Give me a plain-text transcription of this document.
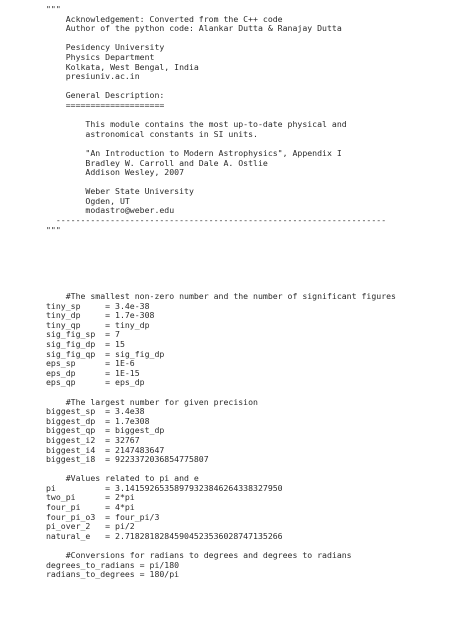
"""
Acknowledgement: Converted from the C++ code
Author of the python code: Alankar Dutta & Ranajay Dutta
Pesidency University
Physics Department
Kolkata, West Bengal, India
presiuniv.ac.in
General Description:
====================
This module contains the most up-to-date physical and
astronomical constants in SI units.
"An Introduction to Modern Astrophysics", Appendix I
Bradley W. Carroll and Dale A. Ostlie
Addison Wesley, 2007
Weber State University
Ogden, UT
modastro@weber.edu
-------------------------------------------------------------------
"""
#The smallest non-zero number and the number of significant figures
tiny_sp     = 3.4e-38
tiny_dp     = 1.7e-308
tiny_qp     = tiny_dp
sig_fig_sp  = 7
sig_fig_dp  = 15
sig_fig_qp  = sig_fig_dp
eps_sp      = 1E-6
eps_dp      = 1E-15
eps_qp      = eps_dp
#The largest number for given precision
biggest_sp  = 3.4e38
biggest_dp  = 1.7e308
biggest_qp  = biggest_dp
biggest_i2  = 32767
biggest_i4  = 2147483647
biggest_i8  = 9223372036854775807
#Values related to pi and e
pi          = 3.14159265358979323846264338327950
two_pi      = 2*pi
four_pi     = 4*pi
four_pi_o3  = four_pi/3
pi_over_2   = pi/2
natural_e   = 2.71828182845904523536028747135266
#Conversions for radians to degrees and degrees to radians
degrees_to_radians = pi/180
radians_to_degrees = 180/pi
